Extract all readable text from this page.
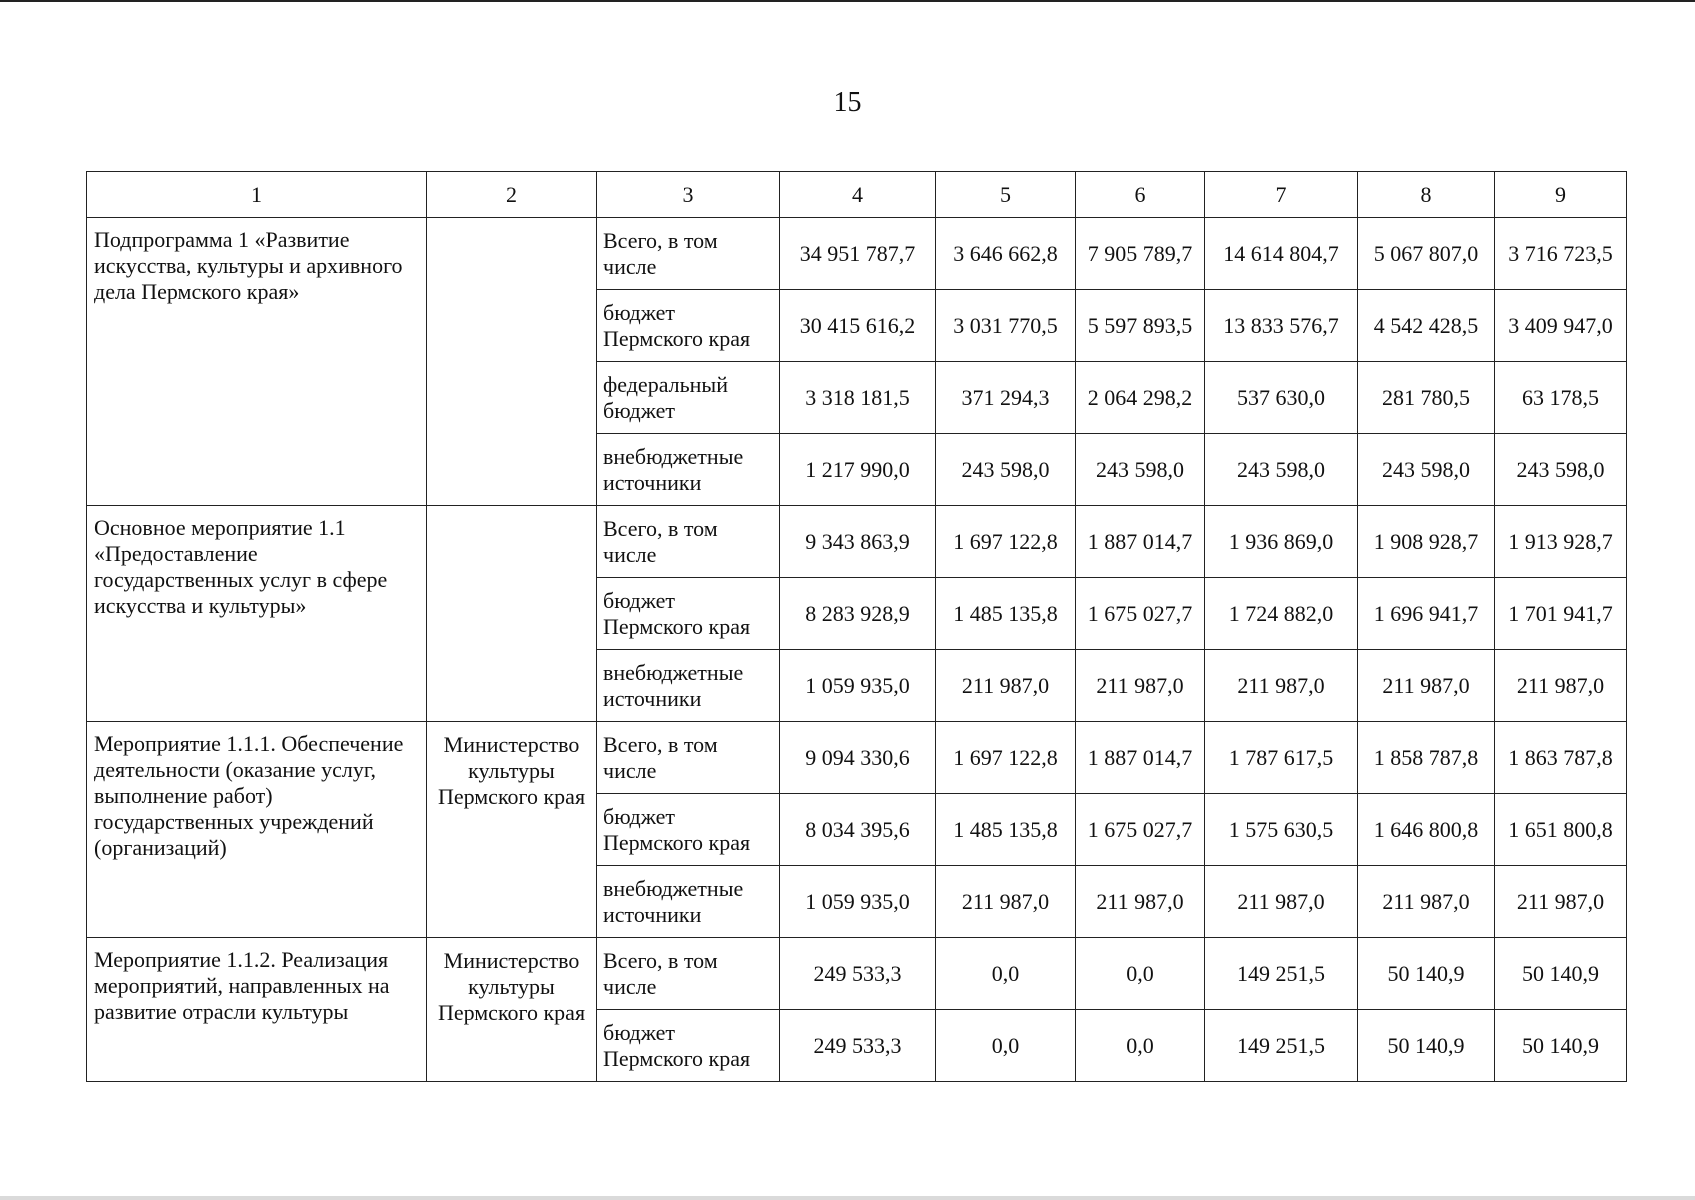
15
1	2	3	4	5	6	7	8	9
Подпрограмма 1 «Развитие искусства, культуры и архивного дела Пермского края»		Всего, в том числе	34 951 787,7	3 646 662,8	7 905 789,7	14 614 804,7	5 067 807,0	3 716 723,5
		бюджет Пермского края	30 415 616,2	3 031 770,5	5 597 893,5	13 833 576,7	4 542 428,5	3 409 947,0
		федеральный бюджет	3 318 181,5	371 294,3	2 064 298,2	537 630,0	281 780,5	63 178,5
		внебюджетные источники	1 217 990,0	243 598,0	243 598,0	243 598,0	243 598,0	243 598,0
Основное мероприятие 1.1 «Предоставление государственных услуг в сфере искусства и культуры»		Всего, в том числе	9 343 863,9	1 697 122,8	1 887 014,7	1 936 869,0	1 908 928,7	1 913 928,7
		бюджет Пермского края	8 283 928,9	1 485 135,8	1 675 027,7	1 724 882,0	1 696 941,7	1 701 941,7
		внебюджетные источники	1 059 935,0	211 987,0	211 987,0	211 987,0	211 987,0	211 987,0
Мероприятие 1.1.1. Обеспечение деятельности (оказание услуг, выполнение работ) государственных учреждений (организаций)	Министерство культуры Пермского края	Всего, в том числе	9 094 330,6	1 697 122,8	1 887 014,7	1 787 617,5	1 858 787,8	1 863 787,8
		бюджет Пермского края	8 034 395,6	1 485 135,8	1 675 027,7	1 575 630,5	1 646 800,8	1 651 800,8
		внебюджетные источники	1 059 935,0	211 987,0	211 987,0	211 987,0	211 987,0	211 987,0
Мероприятие 1.1.2. Реализация мероприятий, направленных на развитие отрасли культуры	Министерство культуры Пермского края	Всего, в том числе	249 533,3	0,0	0,0	149 251,5	50 140,9	50 140,9
		бюджет Пермского края	249 533,3	0,0	0,0	149 251,5	50 140,9	50 140,9
